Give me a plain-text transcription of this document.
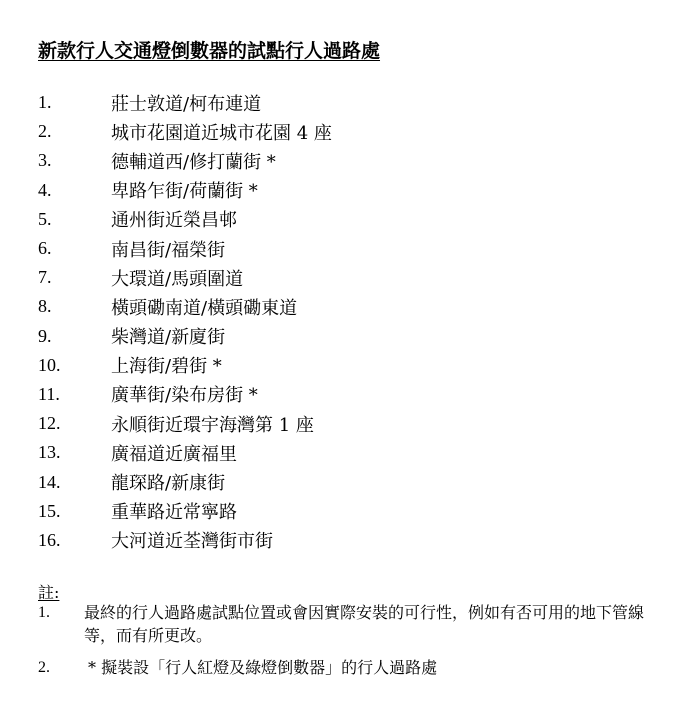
新款行人交通燈倒數器的試點行人過路處
1.	莊士敦道/柯布連道
2.	城市花園道近城市花園 4 座
3.	德輔道西/修打蘭街 *
4.	卑路乍街/荷蘭街 *
5.	通州街近榮昌邨
6.	南昌街/福榮街
7.	大環道/馬頭圍道
8.	橫頭磡南道/橫頭磡東道
9.	柴灣道/新廈街
10.	上海街/碧街 *
11.	廣華街/染布房街 *
12.	永順街近環宇海灣第 1 座
13.	廣福道近廣福里
14.	龍琛路/新康街
15.	重華路近常寧路
16.	大河道近荃灣街市街
註:
1.	最終的行人過路處試點位置或會因實際安裝的可行性，例如有否可用的地下管線等，而有所更改。
2.	* 擬裝設「行人紅燈及綠燈倒數器」的行人過路處
